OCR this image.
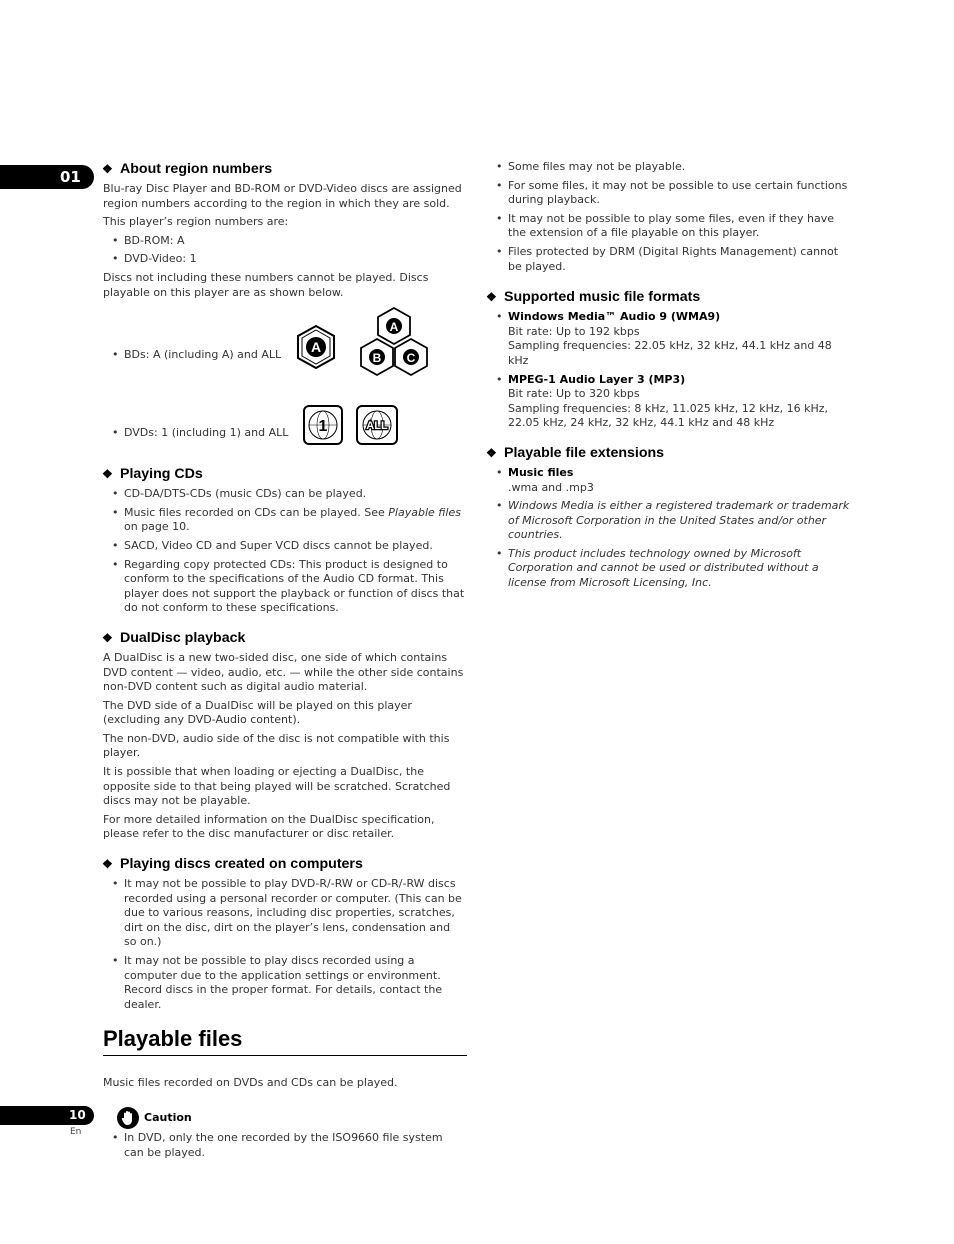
01	❖ About region numbers

Blu-ray Disc Player and BD-ROM or DVD-Video discs are assigned region numbers according to the region in which they are sold.

This player’s region numbers are:

• BD-ROM: A
• DVD-Video: 1

Discs not including these numbers cannot be played. Discs playable on this player are as shown below.

• BDs: A (including A) and ALL	A
A
B C
• DVDs: 1 (including 1) and ALL	1	ALL
❖ Playing CDs
• CD-DA/DTS-CDs (music CDs) can be played.
• Music files recorded on CDs can be played. See Playable files on page 10.
• SACD, Video CD and Super VCD discs cannot be played.
• Regarding copy protected CDs: This product is designed to conform to the specifications of the Audio CD format. This player does not support the playback or function of discs that do not conform to these specifications.
❖ DualDisc playback

A DualDisc is a new two-sided disc, one side of which contains DVD content — video, audio, etc. — while the other side contains non-DVD content such as digital audio material.

The DVD side of a DualDisc will be played on this player (excluding any DVD-Audio content).

The non-DVD, audio side of the disc is not compatible with this player.

It is possible that when loading or ejecting a DualDisc, the opposite side to that being played will be scratched. Scratched discs may not be playable.

For more detailed information on the DualDisc specification, please refer to the disc manufacturer or disc retailer.

❖ Playing discs created on computers
• It may not be possible to play DVD-R/-RW or CD-R/-RW discs recorded using a personal recorder or computer. (This can be due to various reasons, including disc properties, scratches, dirt on the disc, dirt on the player’s lens, condensation and so on.)
• It may not be possible to play discs recorded using a computer due to the application settings or environment. Record discs in the proper format. For details, contact the dealer.
Playable files

Music files recorded on DVDs and CDs can be played.

Caution
• In DVD, only the one recorded by the ISO9660 file system can be played.
• Some files may not be playable.
• For some files, it may not be possible to use certain functions during playback.
• It may not be possible to play some files, even if they have the extension of a file playable on this player.
• Files protected by DRM (Digital Rights Management) cannot be played.
❖ Supported music file formats
• Windows Media™ Audio 9 (WMA9)
Bit rate: Up to 192 kbps
Sampling frequencies: 22.05 kHz, 32 kHz, 44.1 kHz and 48 kHz
• MPEG-1 Audio Layer 3 (MP3)
Bit rate: Up to 320 kbps
Sampling frequencies: 8 kHz, 11.025 kHz, 12 kHz, 16 kHz, 22.05 kHz, 24 kHz, 32 kHz, 44.1 kHz and 48 kHz
❖ Playable file extensions
• Music files
.wma and .mp3
• Windows Media is either a registered trademark or trademark of Microsoft Corporation in the United States and/or other countries.
• This product includes technology owned by Microsoft Corporation and cannot be used or distributed without a license from Microsoft Licensing, Inc.
10
En
